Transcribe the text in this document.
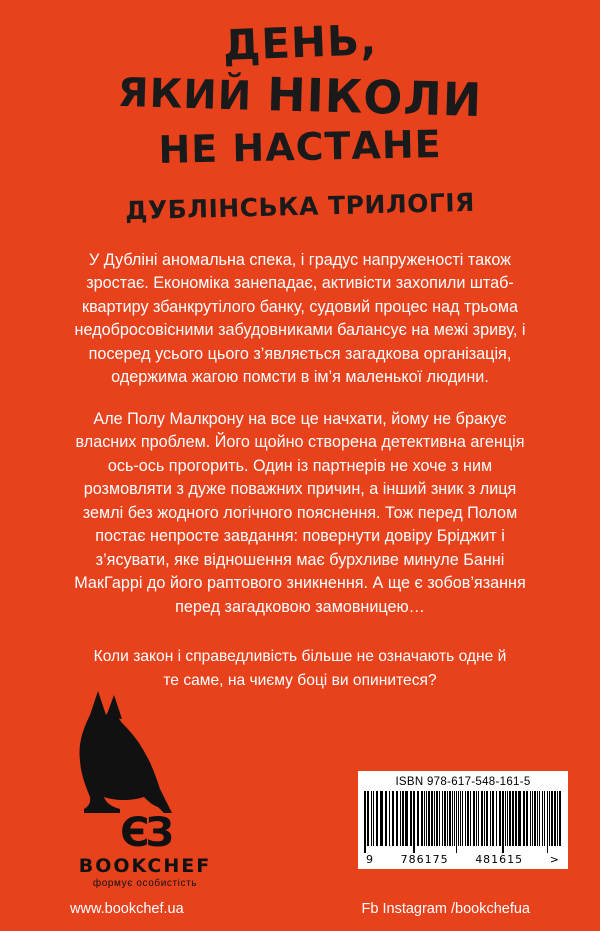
ДЕНЬ,
ЯКИЙ НІКОЛИ
НЕ НАСТАНЕ
ДУБЛІНСЬКА ТРИЛОГІЯ

У Дубліні аномальна спека, і градус напруженості також зростає. Економіка занепадає, активісти захопили штаб-квартиру збанкрутілого банку, судовий процес над трьома недобросовісними забудовниками балансує на межі зриву, і посеред усього цього з’являється загадкова організація, одержима жагою помсти в ім’я маленької людини.

Але Полу Малкрону на все це начхати, йому не бракує власних проблем. Його щойно створена детективна агенція ось-ось прогорить. Один із партнерів не хоче з ним розмовляти з дуже поважних причин, а інший зник з лиця землі без жодного логічного пояснення. Тож перед Полом постає непросте завдання: повернути довіру Бріджит і з’ясувати, яке відношення має бурхливе минуле Банні МакГаррі до його раптового зникнення. А ще є зобов’язання перед загадковою замовницею…

Коли закон і справедливість більше не означають одне й те саме, на чиєму боці ви опинитеся?
ЄЗ
BOOKCHEF
формує особистість
ISBN 978-617-548-161-5
9 786175 481615 >
www.bookchef.ua	Fb Instagram /bookchefua
